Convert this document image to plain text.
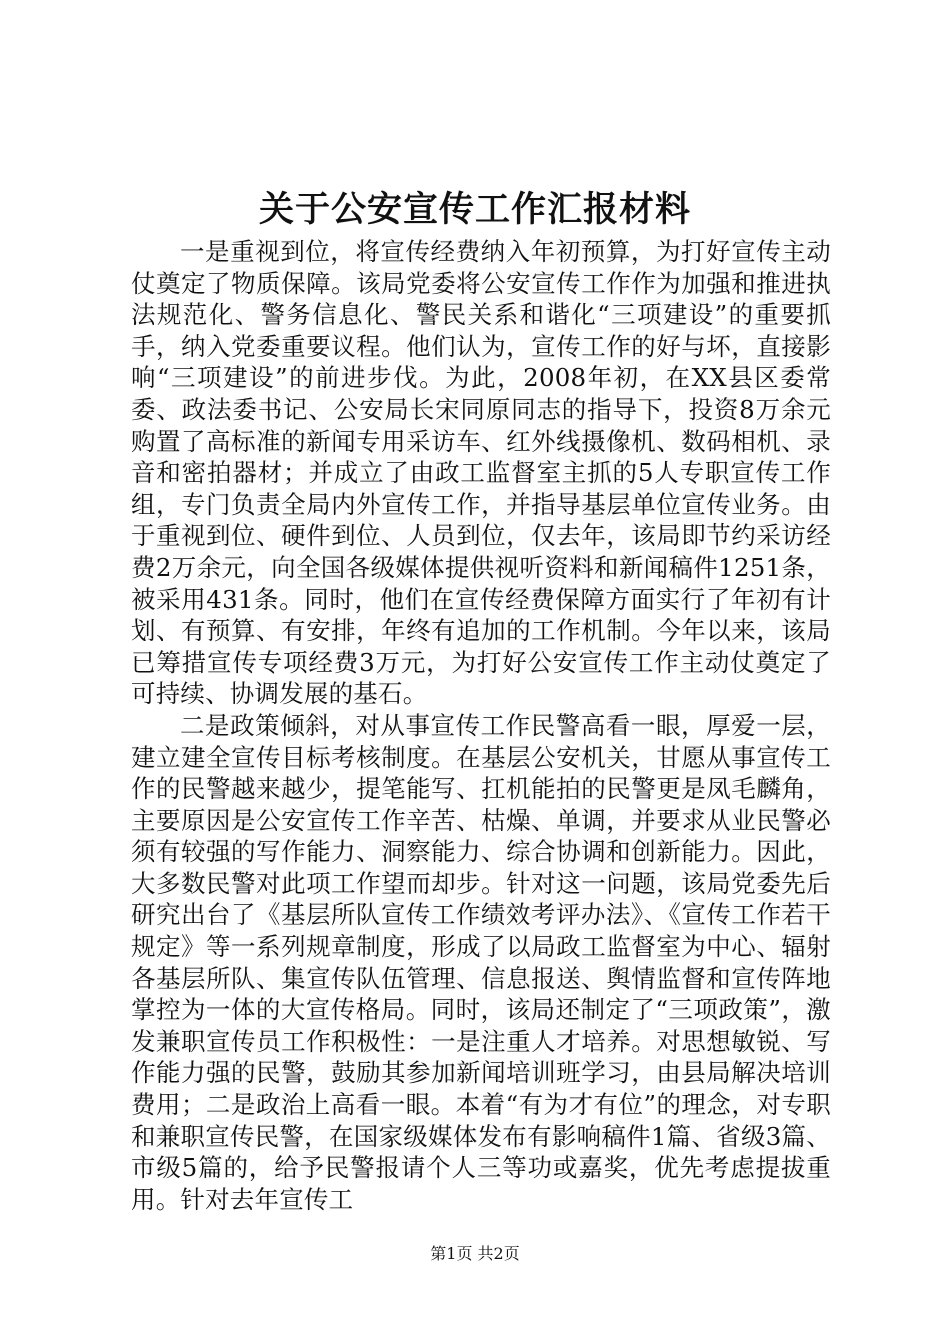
关于公安宣传工作汇报材料

一是重视到位，将宣传经费纳入年初预算，为打好宣传主动仗奠定了物质保障。该局党委将公安宣传工作作为加强和推进执法规范化、警务信息化、警民关系和谐化“三项建设”的重要抓手，纳入党委重要议程。他们认为，宣传工作的好与坏，直接影响“三项建设”的前进步伐。为此，2008年初，在XX县区委常委、政法委书记、公安局长宋同原同志的指导下，投资8万余元购置了高标准的新闻专用采访车、红外线摄像机、数码相机、录音和密拍器材；并成立了由政工监督室主抓的5人专职宣传工作组，专门负责全局内外宣传工作，并指导基层单位宣传业务。由于重视到位、硬件到位、人员到位，仅去年，该局即节约采访经费2万余元，向全国各级媒体提供视听资料和新闻稿件1251条，被采用431条。同时，他们在宣传经费保障方面实行了年初有计划、有预算、有安排，年终有追加的工作机制。今年以来，该局已筹措宣传专项经费3万元，为打好公安宣传工作主动仗奠定了可持续、协调发展的基石。

二是政策倾斜，对从事宣传工作民警高看一眼，厚爱一层，建立建全宣传目标考核制度。在基层公安机关，甘愿从事宣传工作的民警越来越少，提笔能写、扛机能拍的民警更是凤毛麟角，主要原因是公安宣传工作辛苦、枯燥、单调，并要求从业民警必须有较强的写作能力、洞察能力、综合协调和创新能力。因此，大多数民警对此项工作望而却步。针对这一问题，该局党委先后研究出台了《基层所队宣传工作绩效考评办法》、《宣传工作若干规定》等一系列规章制度，形成了以局政工监督室为中心、辐射各基层所队、集宣传队伍管理、信息报送、舆情监督和宣传阵地掌控为一体的大宣传格局。同时，该局还制定了“三项政策”，激发兼职宣传员工作积极性：一是注重人才培养。对思想敏锐、写作能力强的民警，鼓励其参加新闻培训班学习，由县局解决培训费用；二是政治上高看一眼。本着“有为才有位”的理念，对专职和兼职宣传民警，在国家级媒体发布有影响稿件1篇、省级3篇、市级5篇的，给予民警报请个人三等功或嘉奖，优先考虑提拔重用。针对去年宣传工

第1页 共2页
